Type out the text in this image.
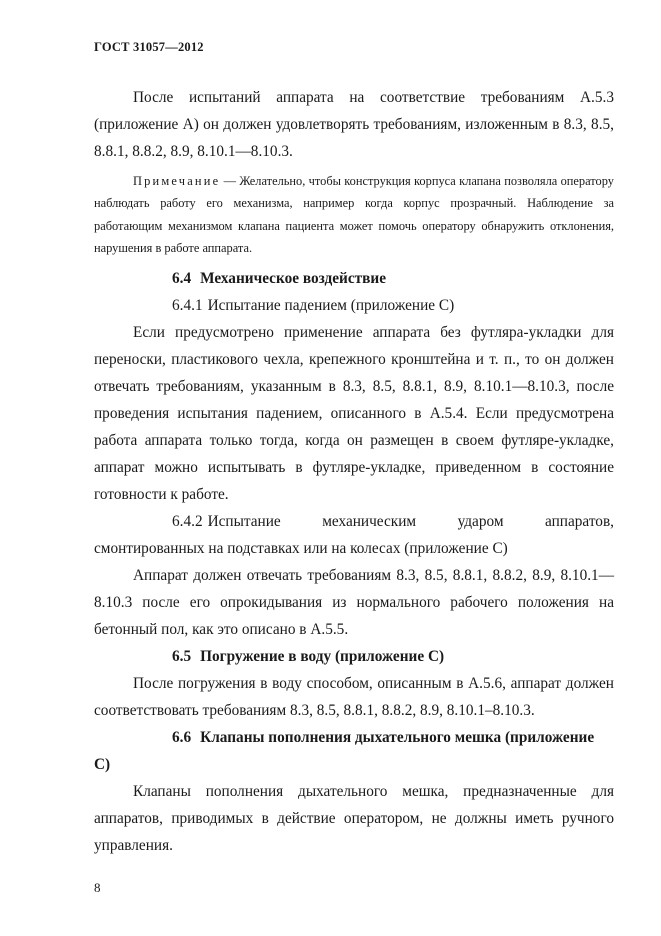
ГОСТ 31057—2012

После испытаний аппарата на соответствие требованиям А.5.3 (приложение А) он должен удовлетворять требованиям, изложенным в 8.3, 8.5, 8.8.1, 8.8.2, 8.9, 8.10.1—8.10.3.

Примечание — Желательно, чтобы конструкция корпуса клапана позволяла оператору наблюдать работу его механизма, например когда корпус прозрачный. Наблюдение за работающим механизмом клапана пациента может помочь оператору обнаружить отклонения, нарушения в работе аппарата.

6.4 Механическое воздействие

6.4.1 Испытание падением (приложение С)

Если предусмотрено применение аппарата без футляра-укладки для переноски, пластикового чехла, крепежного кронштейна и т. п., то он должен отвечать требованиям, указанным в 8.3, 8.5, 8.8.1, 8.9, 8.10.1—8.10.3, после проведения испытания падением, описанного в А.5.4. Если предусмотрена работа аппарата только тогда, когда он размещен в своем футляре-укладке, аппарат можно испытывать в футляре-укладке, приведенном в состояние готовности к работе.

6.4.2 Испытание механическим ударом аппаратов, смонтированных на подставках или на колесах (приложение С)

Аппарат должен отвечать требованиям 8.3, 8.5, 8.8.1, 8.8.2, 8.9, 8.10.1—8.10.3 после его опрокидывания из нормального рабочего положения на бетонный пол, как это описано в А.5.5.

6.5 Погружение в воду (приложение С)

После погружения в воду способом, описанным в А.5.6, аппарат должен соответствовать требованиям 8.3, 8.5, 8.8.1, 8.8.2, 8.9, 8.10.1–8.10.3.

6.6 Клапаны пополнения дыхательного мешка (приложение С)

Клапаны пополнения дыхательного мешка, предназначенные для аппаратов, приводимых в действие оператором, не должны иметь ручного управления.

8
